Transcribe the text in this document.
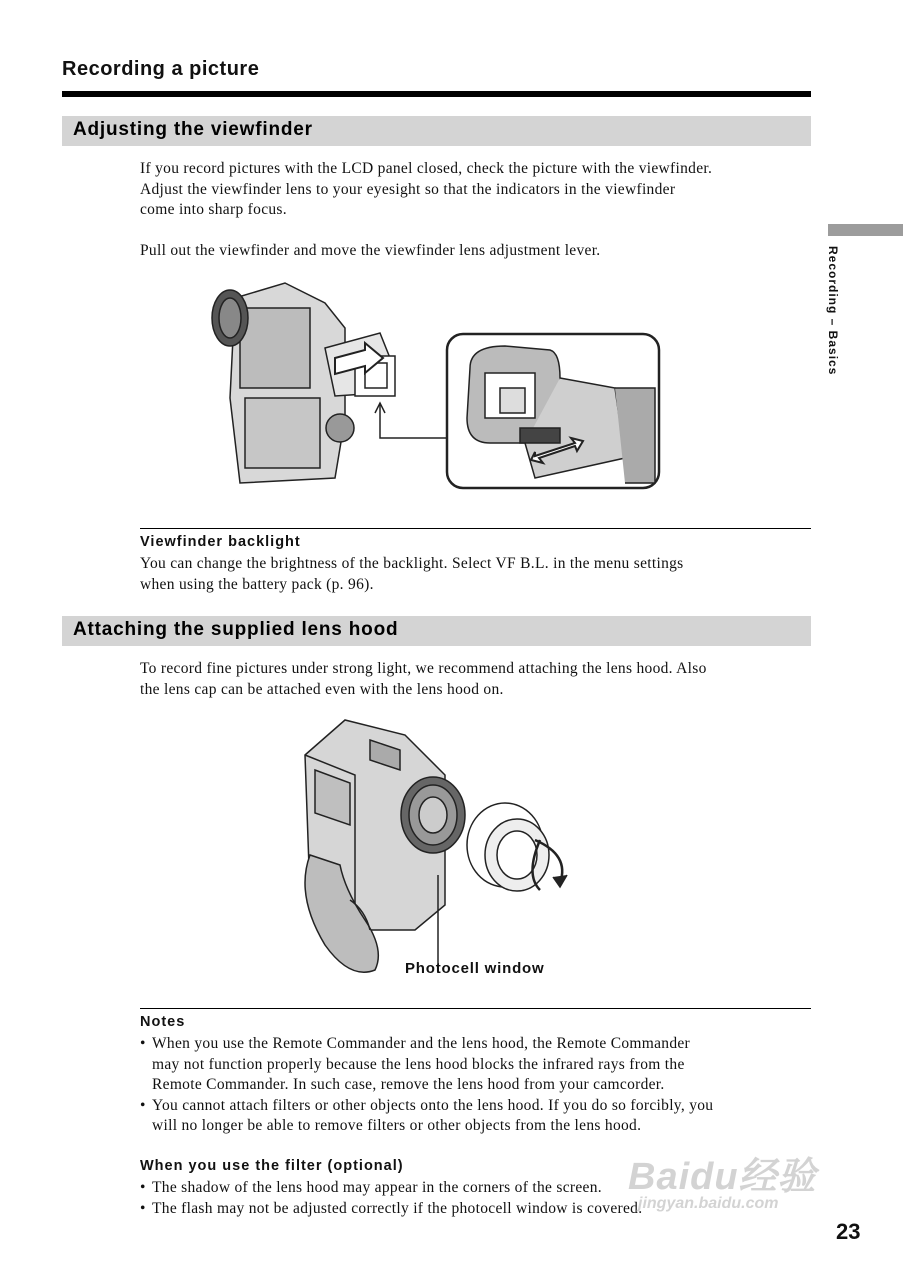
Recording a picture
Recording – Basics
Adjusting the viewfinder

If you record pictures with the LCD panel closed, check the picture with the viewfinder.

Adjust the viewfinder lens to your eyesight so that the indicators in the viewfinder

come into sharp focus.

Pull out the viewfinder and move the viewfinder lens adjustment lever.

Viewfinder backlight

You can change the brightness of the backlight. Select VF B.L. in the menu settings

when using the battery pack (p. 96).

Attaching the supplied lens hood

To record fine pictures under strong light, we recommend attaching the lens hood. Also

the lens cap can be attached even with the lens hood on.

Photocell window
Notes
• When you use the Remote Commander and the lens hood, the Remote Commander
may not function properly because the lens hood blocks the infrared rays from the
Remote Commander. In such case, remove the lens hood from your camcorder.
• You cannot attach filters or other objects onto the lens hood. If you do so forcibly, you
will no longer be able to remove filters or other objects from the lens hood.
When you use the filter (optional)
• The shadow of the lens hood may appear in the corners of the screen.
• The flash may not be adjusted correctly if the photocell window is covered.
Baidu经验
jingyan.baidu.com
23
